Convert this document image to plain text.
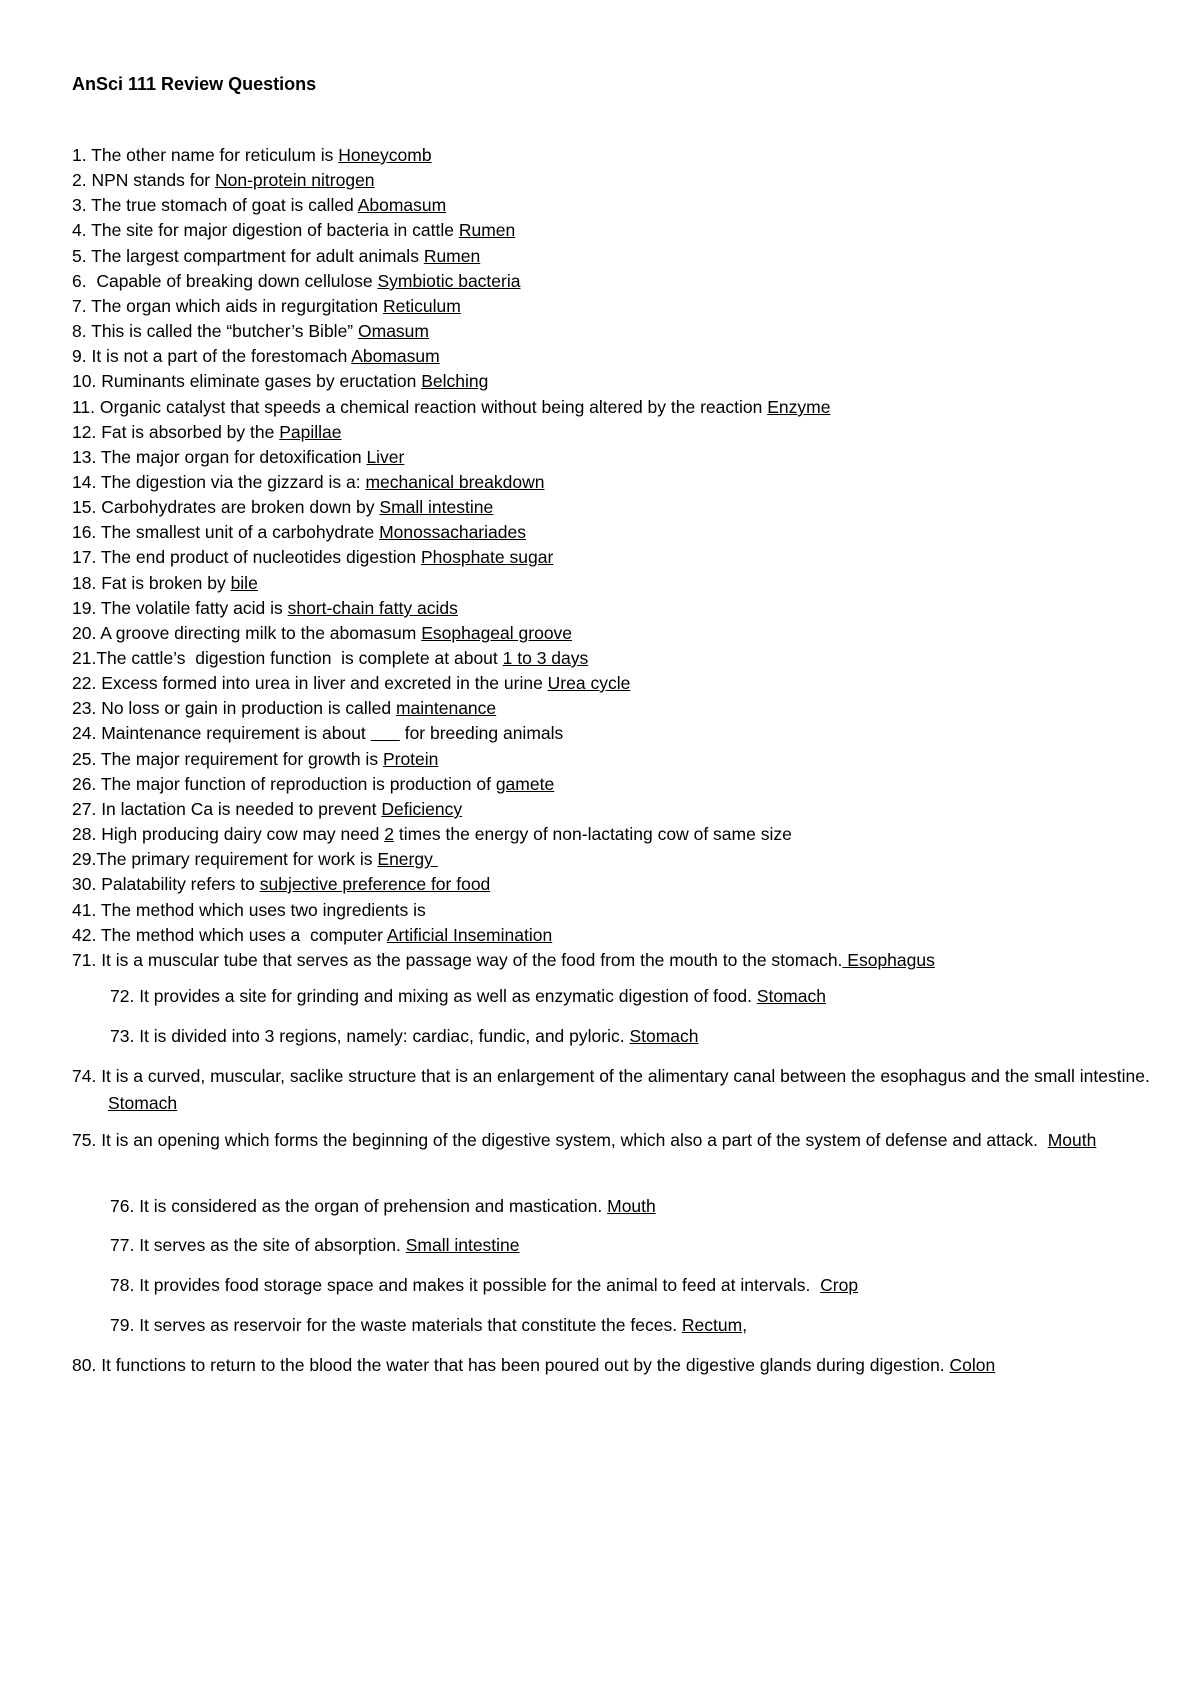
AnSci 111 Review Questions
1. The other name for reticulum is Honeycomb
2. NPN stands for Non-protein nitrogen
3. The true stomach of goat is called Abomasum
4. The site for major digestion of bacteria in cattle Rumen
5. The largest compartment for adult animals Rumen
6.  Capable of breaking down cellulose Symbiotic bacteria
7. The organ which aids in regurgitation Reticulum
8. This is called the “butcher’s Bible” Omasum
9. It is not a part of the forestomach Abomasum
10. Ruminants eliminate gases by eructation Belching
11. Organic catalyst that speeds a chemical reaction without being altered by the reaction Enzyme
12. Fat is absorbed by the Papillae
13. The major organ for detoxification Liver
14. The digestion via the gizzard is a: mechanical breakdown
15. Carbohydrates are broken down by Small intestine
16. The smallest unit of a carbohydrate Monossachariades
17. The end product of nucleotides digestion Phosphate sugar
18. Fat is broken by bile
19. The volatile fatty acid is short-chain fatty acids
20. A groove directing milk to the abomasum Esophageal groove
21.The cattle’s  digestion function  is complete at about 1 to 3 days
22. Excess formed into urea in liver and excreted in the urine Urea cycle
23. No loss or gain in production is called maintenance
24. Maintenance requirement is about        for breeding animals
25. The major requirement for growth is Protein
26. The major function of reproduction is production of gamete
27. In lactation Ca is needed to prevent Deficiency
28. High producing dairy cow may need 2 times the energy of non-lactating cow of same size
29.The primary requirement for work is Energy
30. Palatability refers to subjective preference for food
41. The method which uses two ingredients is
42. The method which uses a  computer Artificial Insemination
71. It is a muscular tube that serves as the passage way of the food from the mouth to the stomach. Esophagus
72. It provides a site for grinding and mixing as well as enzymatic digestion of food. Stomach
73. It is divided into 3 regions, namely: cardiac, fundic, and pyloric. Stomach
74. It is a curved, muscular, saclike structure that is an enlargement of the alimentary canal between the esophagus and the small intestine.  Stomach
75. It is an opening which forms the beginning of the digestive system, which also a part of the system of defense and attack.  Mouth
76. It is considered as the organ of prehension and mastication. Mouth
77. It serves as the site of absorption. Small intestine
78. It provides food storage space and makes it possible for the animal to feed at intervals.  Crop
79. It serves as reservoir for the waste materials that constitute the feces. Rectum,
80. It functions to return to the blood the water that has been poured out by the digestive glands during digestion. Colon
